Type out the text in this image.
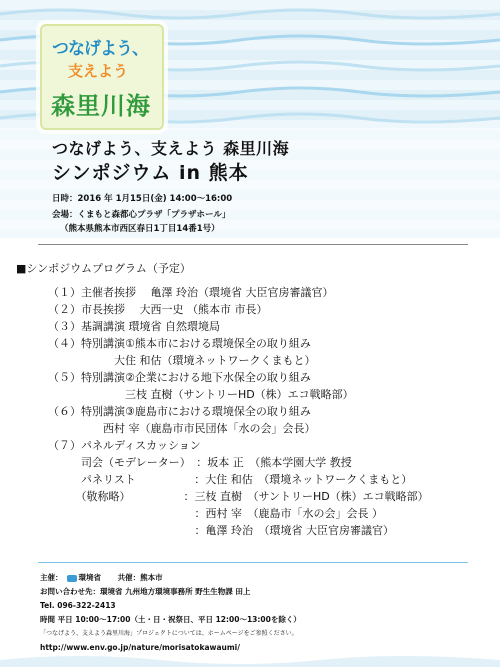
つなげよう、
支えよう
森里川海
つなげよう、支えよう 森里川海
シンポジウム in 熊本
日時：2016 年 1月15日(金) 14:00～16:00
会場：くまもと森都心プラザ「プラザホール」
（熊本県熊本市西区春日1丁目14番1号）
■シンポジウムプログラム（予定）
（１）主催者挨拶　 亀澤 玲治（環境省 大臣官房審議官）
（２）市長挨拶　 大西一史 （熊本市 市長）
（３）基調講演 環境省 自然環境局
（４）特別講演①熊本市における環境保全の取り組み
　　　　　　大住 和估（環境ネットワークくまもと）
（５）特別講演②企業における地下水保全の取り組み
　　　　　　　三枝 直樹（サントリーHD（株）エコ戦略部）
（６）特別講演③鹿島市における環境保全の取り組み
　　　　　西村 宰（鹿島市市民団体「水の会」会長）
（７）パネルディスカッション
　　　司会（モデレーター）　：坂本 正　（熊本学園大学 教授
　　　パネリスト　　　　　 ：大住 和估　（環境ネットワークくまもと）
　　　（敬称略）　　　　　 ：三枝 直樹　（サントリーHD（株）エコ戦略部）
　　　　　　　　　　　　　 ：西村 宰　（鹿島市「水の会」会長 ）
　　　　　　　　　　　　　 ：亀澤 玲治　（環境省 大臣官房審議官）
主催： 環境省 共催：熊本市
お問い合わせ先：環境省 九州地方環境事務所 野生生物課 田上
Tel. 096-322-2413
時間 平日 10:00～17:00（土・日・祝祭日、平日 12:00～13:00を除く）
「つなげよう、支えよう森里川海」プロジェクトについては、ホームページをご参照ください。
http://www.env.go.jp/nature/morisatokawaumi/
